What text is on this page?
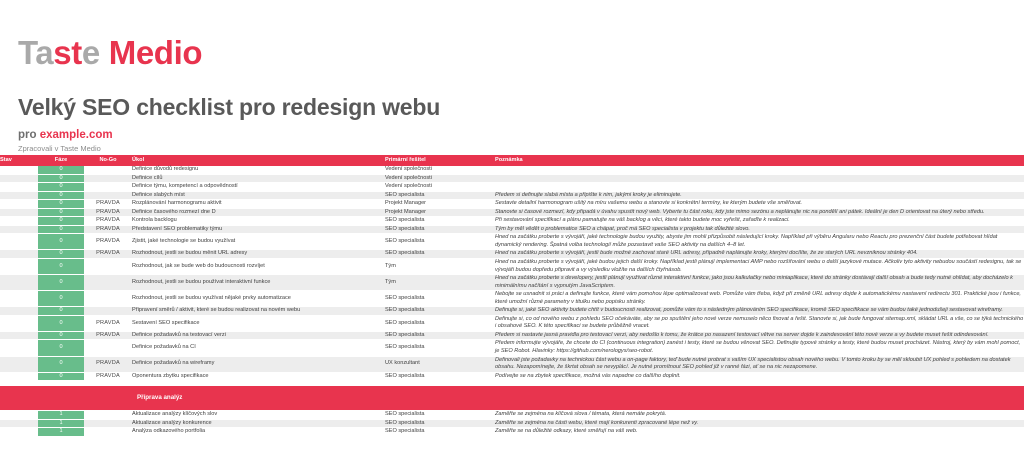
Taste Medio
Velký SEO checklist pro redesign webu
pro example.com
Zpracovali v Taste Medio
Stav	Fáze	No-Go	Úkol	Primární řešitel	Poznámka
	0		Definice důvodů redesignu	Vedení společnosti	
	0		Definice cílů	Vedení společnosti	
	0		Definice týmu, kompetencí a odpovědností	Vedení společnosti	
	0		Definice slabých míst	SEO specialista	Předem si definujte slabá místa a připište k nim, jakými kroky je eliminujete.
	0	PRAVDA	Rozplánování harmonogramu aktivit	Projekt Manager	Sestavte detailní harmonogram ušitý na míru vašemu webu a stanovte si konkrétní termíny, ke kterým budete vše směřovat.
	0	PRAVDA	Definice časového rozmezí dne D	Projekt Manager	Stanovte si časové rozmezí, kdy připadá v úvahu spustit nový web. Vyberte tu část roku, kdy jste mimo sezónu a neplánujte nic na pondělí ani pátek. Ideální je den D orientovat na úterý nebo středu.
	0	PRAVDA	Kontrola backlogu	SEO specialista	Při sestavování specifikací a plánu pamatujte na váš backlog a věci, které takto budete moc vyřešit, zařaďte k realizaci.
	0	PRAVDA	Představení SEO problematiky týmu	SEO specialista	Tým by měl vědět o problematice SEO a chápat, proč má SEO specialista v projektu tak důležité slovo.
	0	PRAVDA	Zjistit, jaké technologie se budou využívat	SEO specialista	Hned na začátku proberte s vývojáři, jaké technologie budou využity, abyste jim mohli přizpůsobit následující kroky. Například při výběru Angularu nebo Reactu pro prezenční část budete potřebovat hlídat dynamický rendering. Špatná volba technologií může pozastavit vaše SEO aktivity na dalších 4–8 let.
	0	PRAVDA	Rozhodnout, jestli se budou měnit URL adresy	SEO specialista	Hned na začátku proberte s vývojáři, jestli bude možné zachovat staré URL adresy, případně naplánujte kroky, kterými docílíte, že ze starých URL nevzniknou stránky 404.
	0		Rozhodnout, jak se bude web do budoucnosti rozvíjet	Tým	Hned na začátku proberte s vývojáři, jaké budou jejich další kroky. Například jestli plánují implementaci AMP nebo rozšiřování webu o další jazykové mutace. Ačkoliv tyto aktivity nebudou součástí redesignu, tak se vývojáři budou dopředu připravit a vy výsledku vložíte na dalších čtyřnásob.
	0		Rozhodnout, jestli se budou používat interaktivní funkce	Tým	Hned na začátku proberte s developery, jestli plánují využívat různé interaktivní funkce, jako jsou kalkulačky nebo miniaplikace, které do stránky dostávají další obsah a bude tedy nutné ohlídat, aby docházelo k minimálnímu načítání s vypnutým JavaScriptem.
	0		Rozhodnout, jestli se budou využívat nějaké prvky automatizace	SEO specialista	Nebojte se usnadnit si práci a definujte funkce, které vám pomohou lépe optimalizovat web. Pomůže vám třeba, když při změně URL adresy dojde k automatickému nastavení redirectu 301. Praktické jsou i funkce, které umožní různé parametry v titulku nebo popisku stránky.
	0		Připravení směrů / aktivit, které se budou realizovat na novém webu	SEO specialista	Definujte si, jaké SEO aktivity budete chtít v budoucnosti realizovat, pomůže vám to s následným plánováním SEO specifikace, kromě SEO specifikace se vám budou také jednodušeji sestavovat wireframy.
	0	PRAVDA	Sestavení SEO specifikace	SEO specialista	Definujte si, co od nového webu z pohledu SEO očekáváte, aby se po spuštění jeho nové verze nemuselo něco fixovat a řešit. Stanovte si, jak bude fungovat sitemap.xml, skládat URL a vše, co se týká technického i obsahové SEO. K této specifikaci se budete průběžně vracet.
	0	PRAVDA	Definice požadavků na testovací verzi	SEO specialista	Předem si nastavte jasná pravidla pro testovací verzi, aby nedošlo k tomu, že krátce po nasazení testovací větve na server dojde k zaindexování této nové verze a vy budete muset řešit odindexování.
	0		Definice požadavků na CI	SEO specialista	Předem informujte vývojáře, že chcete do CI (continuous integration) zanést i testy, které se budou věnovat SEO. Definujte typové stránky a testy, které budou muset procházet. Nástroj, který by vám mohl pomoct, je SEO Robot. Hlavinky: https://github.com/nerologys/seo-robot.
	0	PRAVDA	Definice požadavků na wireframy	UX konzultant	Definovali jste požadavky na technickou část webu a on-page faktory, teď bude nutné probrat s vaším UX specialistou obsah nového webu. V tomto kroku by se měl skloubit UX pohled s pohledem na dostatek obsahu. Nezapomínejte, že škrtat obsah se nevyplácí. Je nutné promítnout SEO pohled již v ranné fázi, ať se na nic nezapomene.
	0	PRAVDA	Oponentura zbytku specifikace	SEO specialista	Podívejte se na zbytek specifikace, možná vás napadne co dalšího doplnit.

			Příprava analýz		
	1		Aktualizace analýzy klíčových slov	SEO specialista	Zaměřte se zejména na klíčová slova / témata, která nemáte pokrytá.
	1		Aktualizace analýzy konkurence	SEO specialista	Zaměřte se zejména na části webu, které mají konkurenti zpracované lépe než vy.
	1		Analýza odkazového portfolia	SEO specialista	Zaměřte se na důležité odkazy, které směřují na váš web.
